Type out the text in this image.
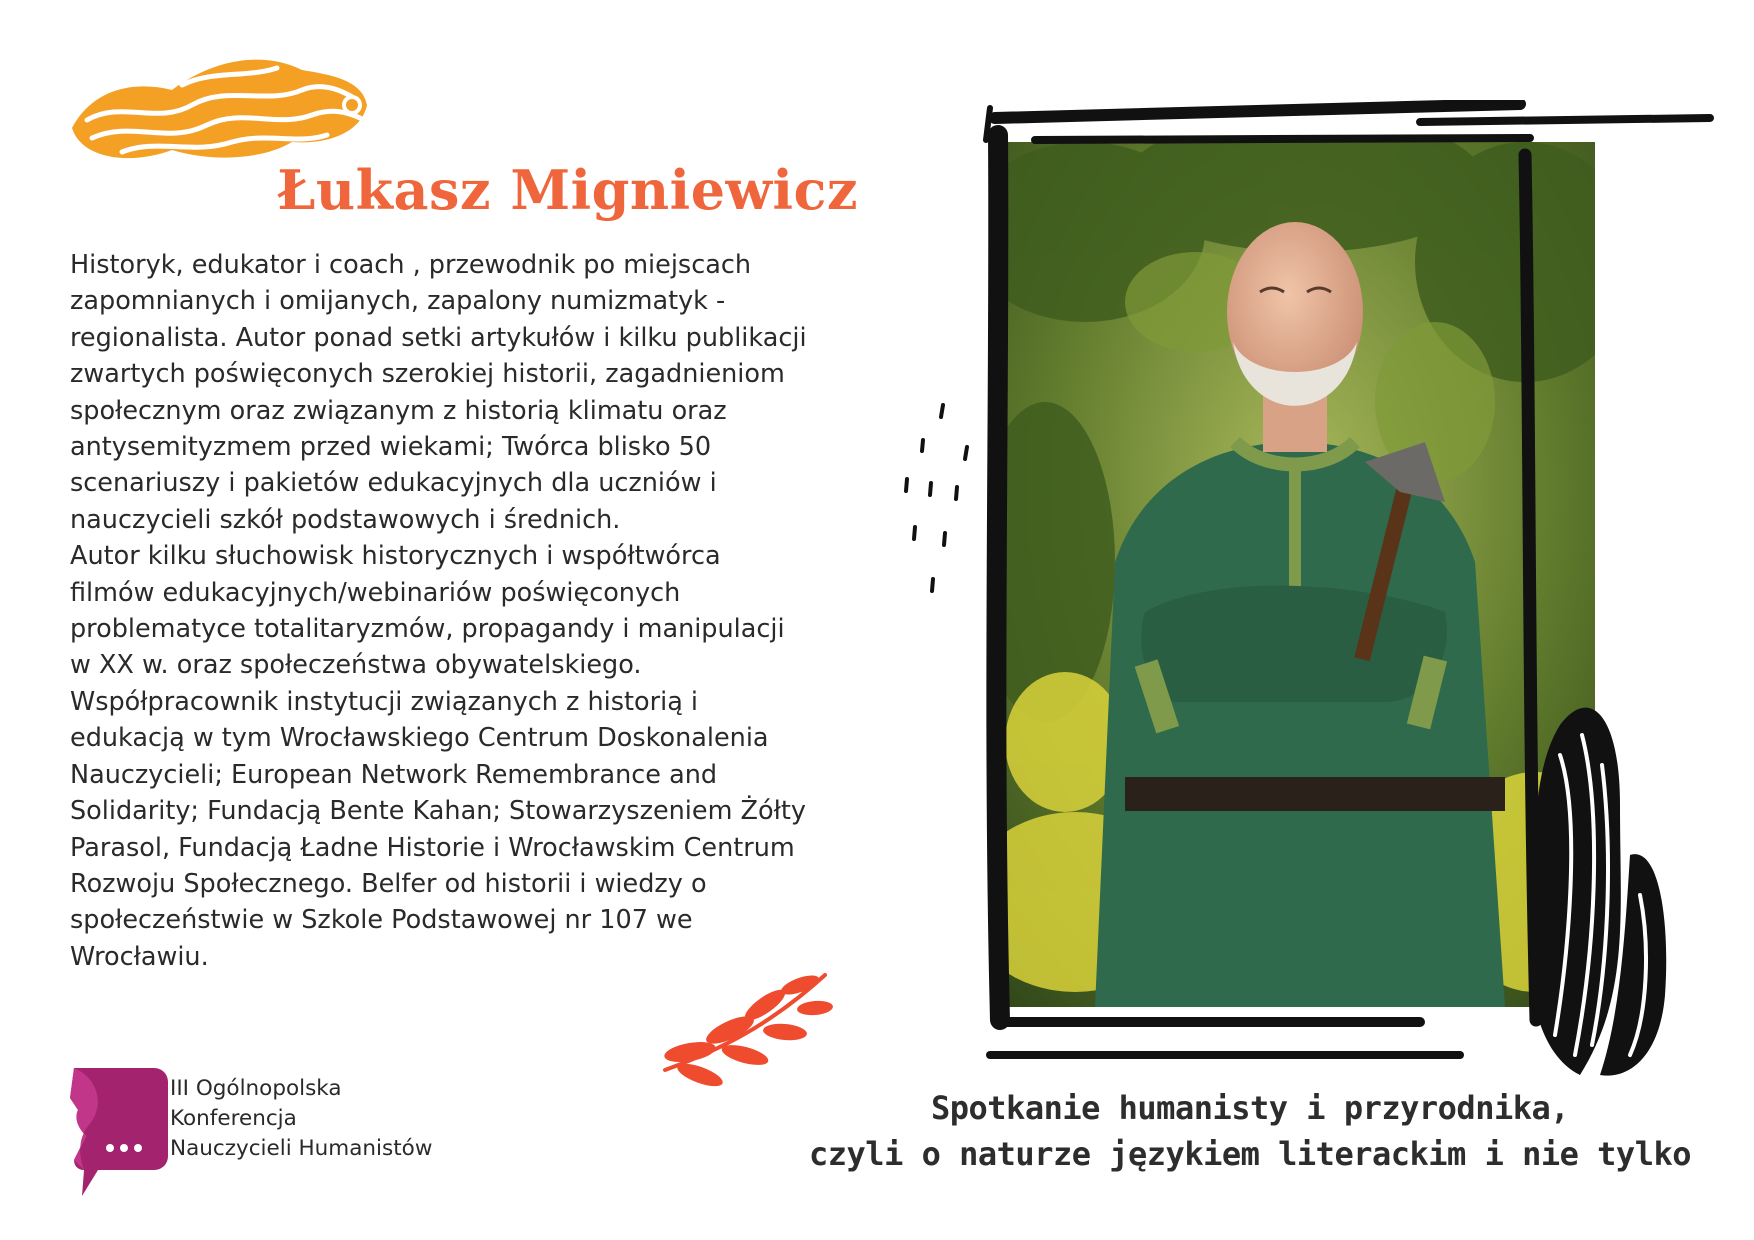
Łukasz Migniewicz
Historyk, edukator i coach , przewodnik po miejscach
zapomnianych i omijanych, zapalony numizmatyk -
regionalista. Autor ponad setki artykułów i kilku publikacji
zwartych poświęconych szerokiej historii, zagadnieniom
społecznym oraz związanym z historią klimatu oraz
antysemityzmem przed wiekami; Twórca blisko 50
scenariuszy i pakietów edukacyjnych dla uczniów i
nauczycieli szkół podstawowych i średnich.
Autor kilku słuchowisk historycznych i współtwórca
filmów edukacyjnych/webinariów poświęconych
problematyce totalitaryzmów, propagandy i manipulacji
w XX w. oraz społeczeństwa obywatelskiego.
Współpracownik instytucji związanych z historią i
edukacją w tym Wrocławskiego Centrum Doskonalenia
Nauczycieli; European Network Remembrance and
Solidarity; Fundacją Bente Kahan; Stowarzyszeniem Żółty
Parasol, Fundacją Ładne Historie i Wrocławskim Centrum
Rozwoju Społecznego. Belfer od historii i wiedzy o
społeczeństwie w Szkole Podstawowej nr 107 we
Wrocławiu.
III Ogólnopolska
Konferencja
Nauczycieli Humanistów
Spotkanie humanisty i przyrodnika,
czyli o naturze językiem literackim i nie tylko
